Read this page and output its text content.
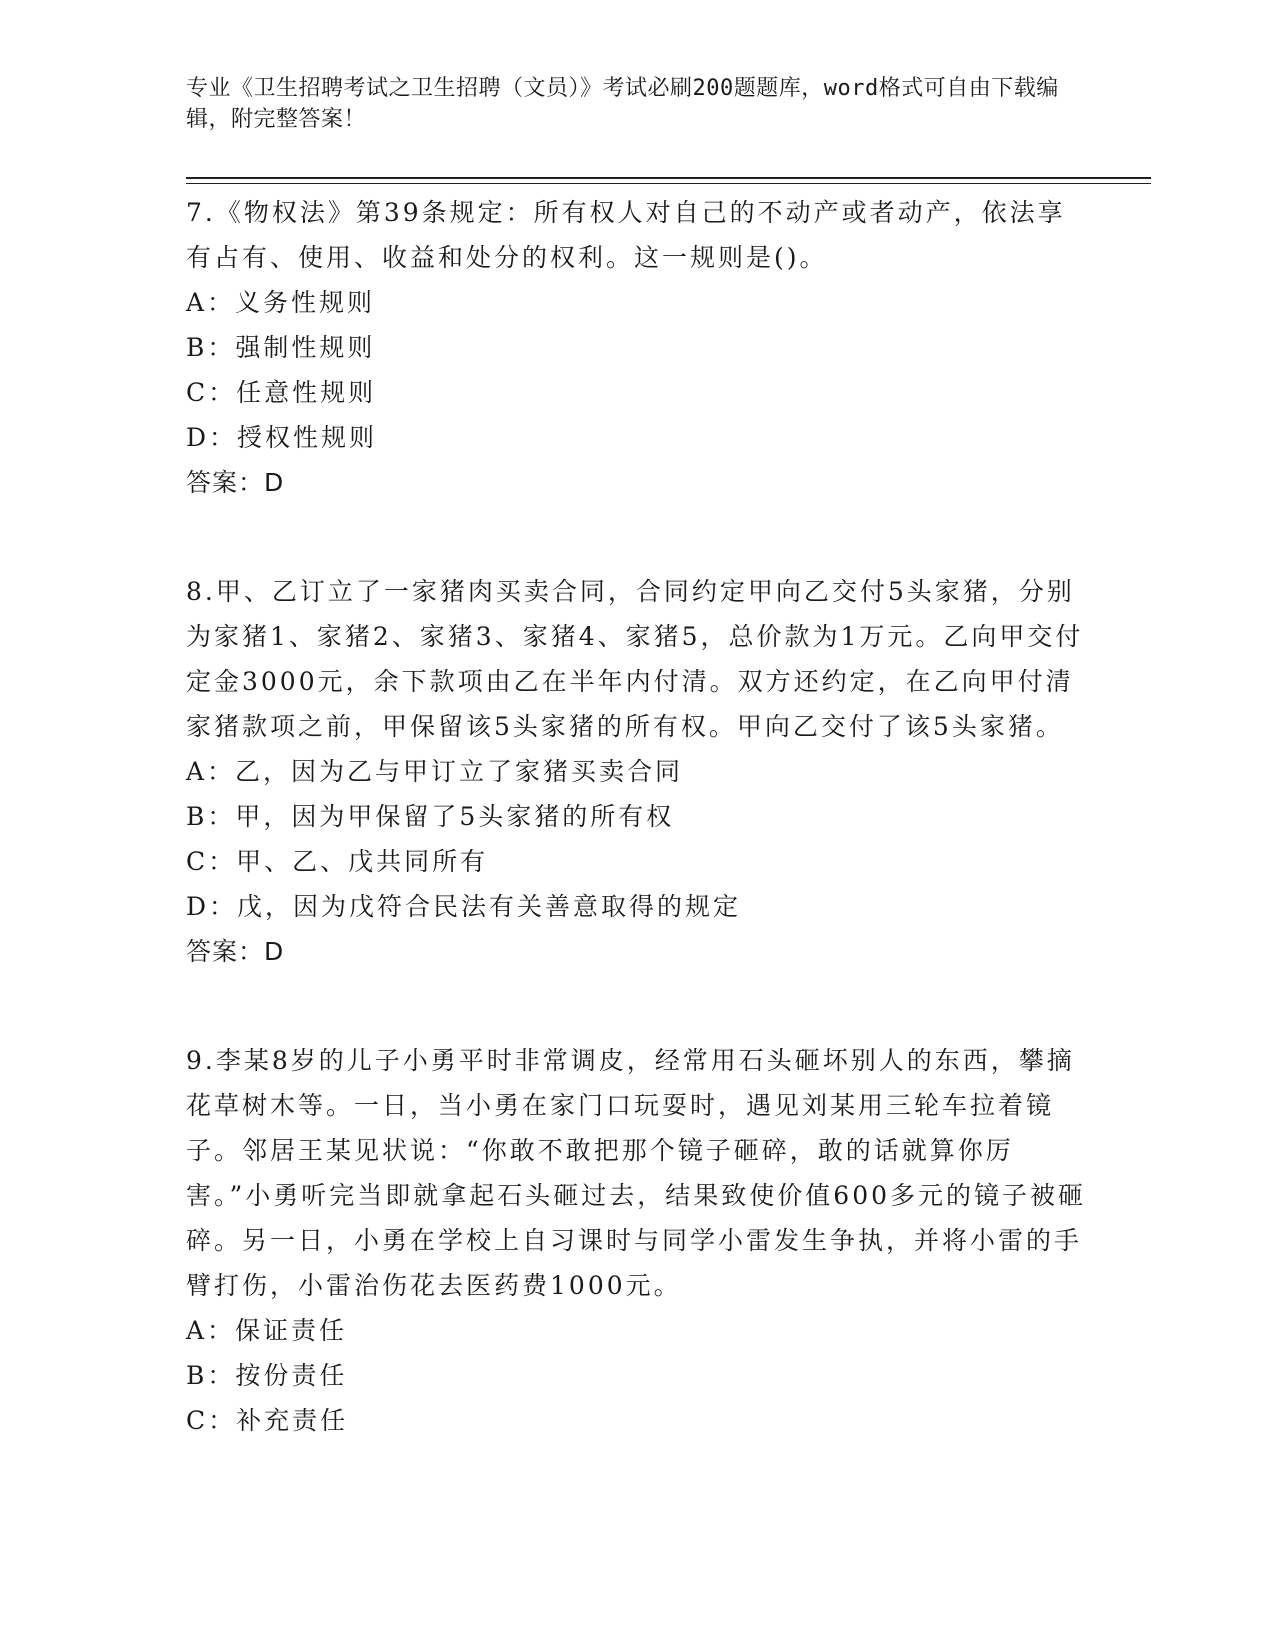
专业《卫生招聘考试之卫生招聘（文员）》考试必刷200题题库，word格式可自由下载编辑，附完整答案！

7.《物权法》第39条规定：所有权人对自己的不动产或者动产，依法享有占有、使用、收益和处分的权利。这一规则是()。

A：义务性规则

B：强制性规则

C：任意性规则

D：授权性规则

答案：D

8.甲、乙订立了一家猪肉买卖合同，合同约定甲向乙交付5头家猪，分别为家猪1、家猪2、家猪3、家猪4、家猪5，总价款为1万元。乙向甲交付定金3000元，余下款项由乙在半年内付清。双方还约定，在乙向甲付清家猪款项之前，甲保留该5头家猪的所有权。甲向乙交付了该5头家猪。

A：乙，因为乙与甲订立了家猪买卖合同

B：甲，因为甲保留了5头家猪的所有权

C：甲、乙、戊共同所有

D：戊，因为戊符合民法有关善意取得的规定

答案：D

9.李某8岁的儿子小勇平时非常调皮，经常用石头砸坏别人的东西，攀摘花草树木等。一日，当小勇在家门口玩耍时，遇见刘某用三轮车拉着镜子。邻居王某见状说：“你敢不敢把那个镜子砸碎，敢的话就算你厉害。”小勇听完当即就拿起石头砸过去，结果致使价值600多元的镜子被砸碎。另一日，小勇在学校上自习课时与同学小雷发生争执，并将小雷的手臂打伤，小雷治伤花去医药费1000元。

A：保证责任

B：按份责任

C：补充责任
